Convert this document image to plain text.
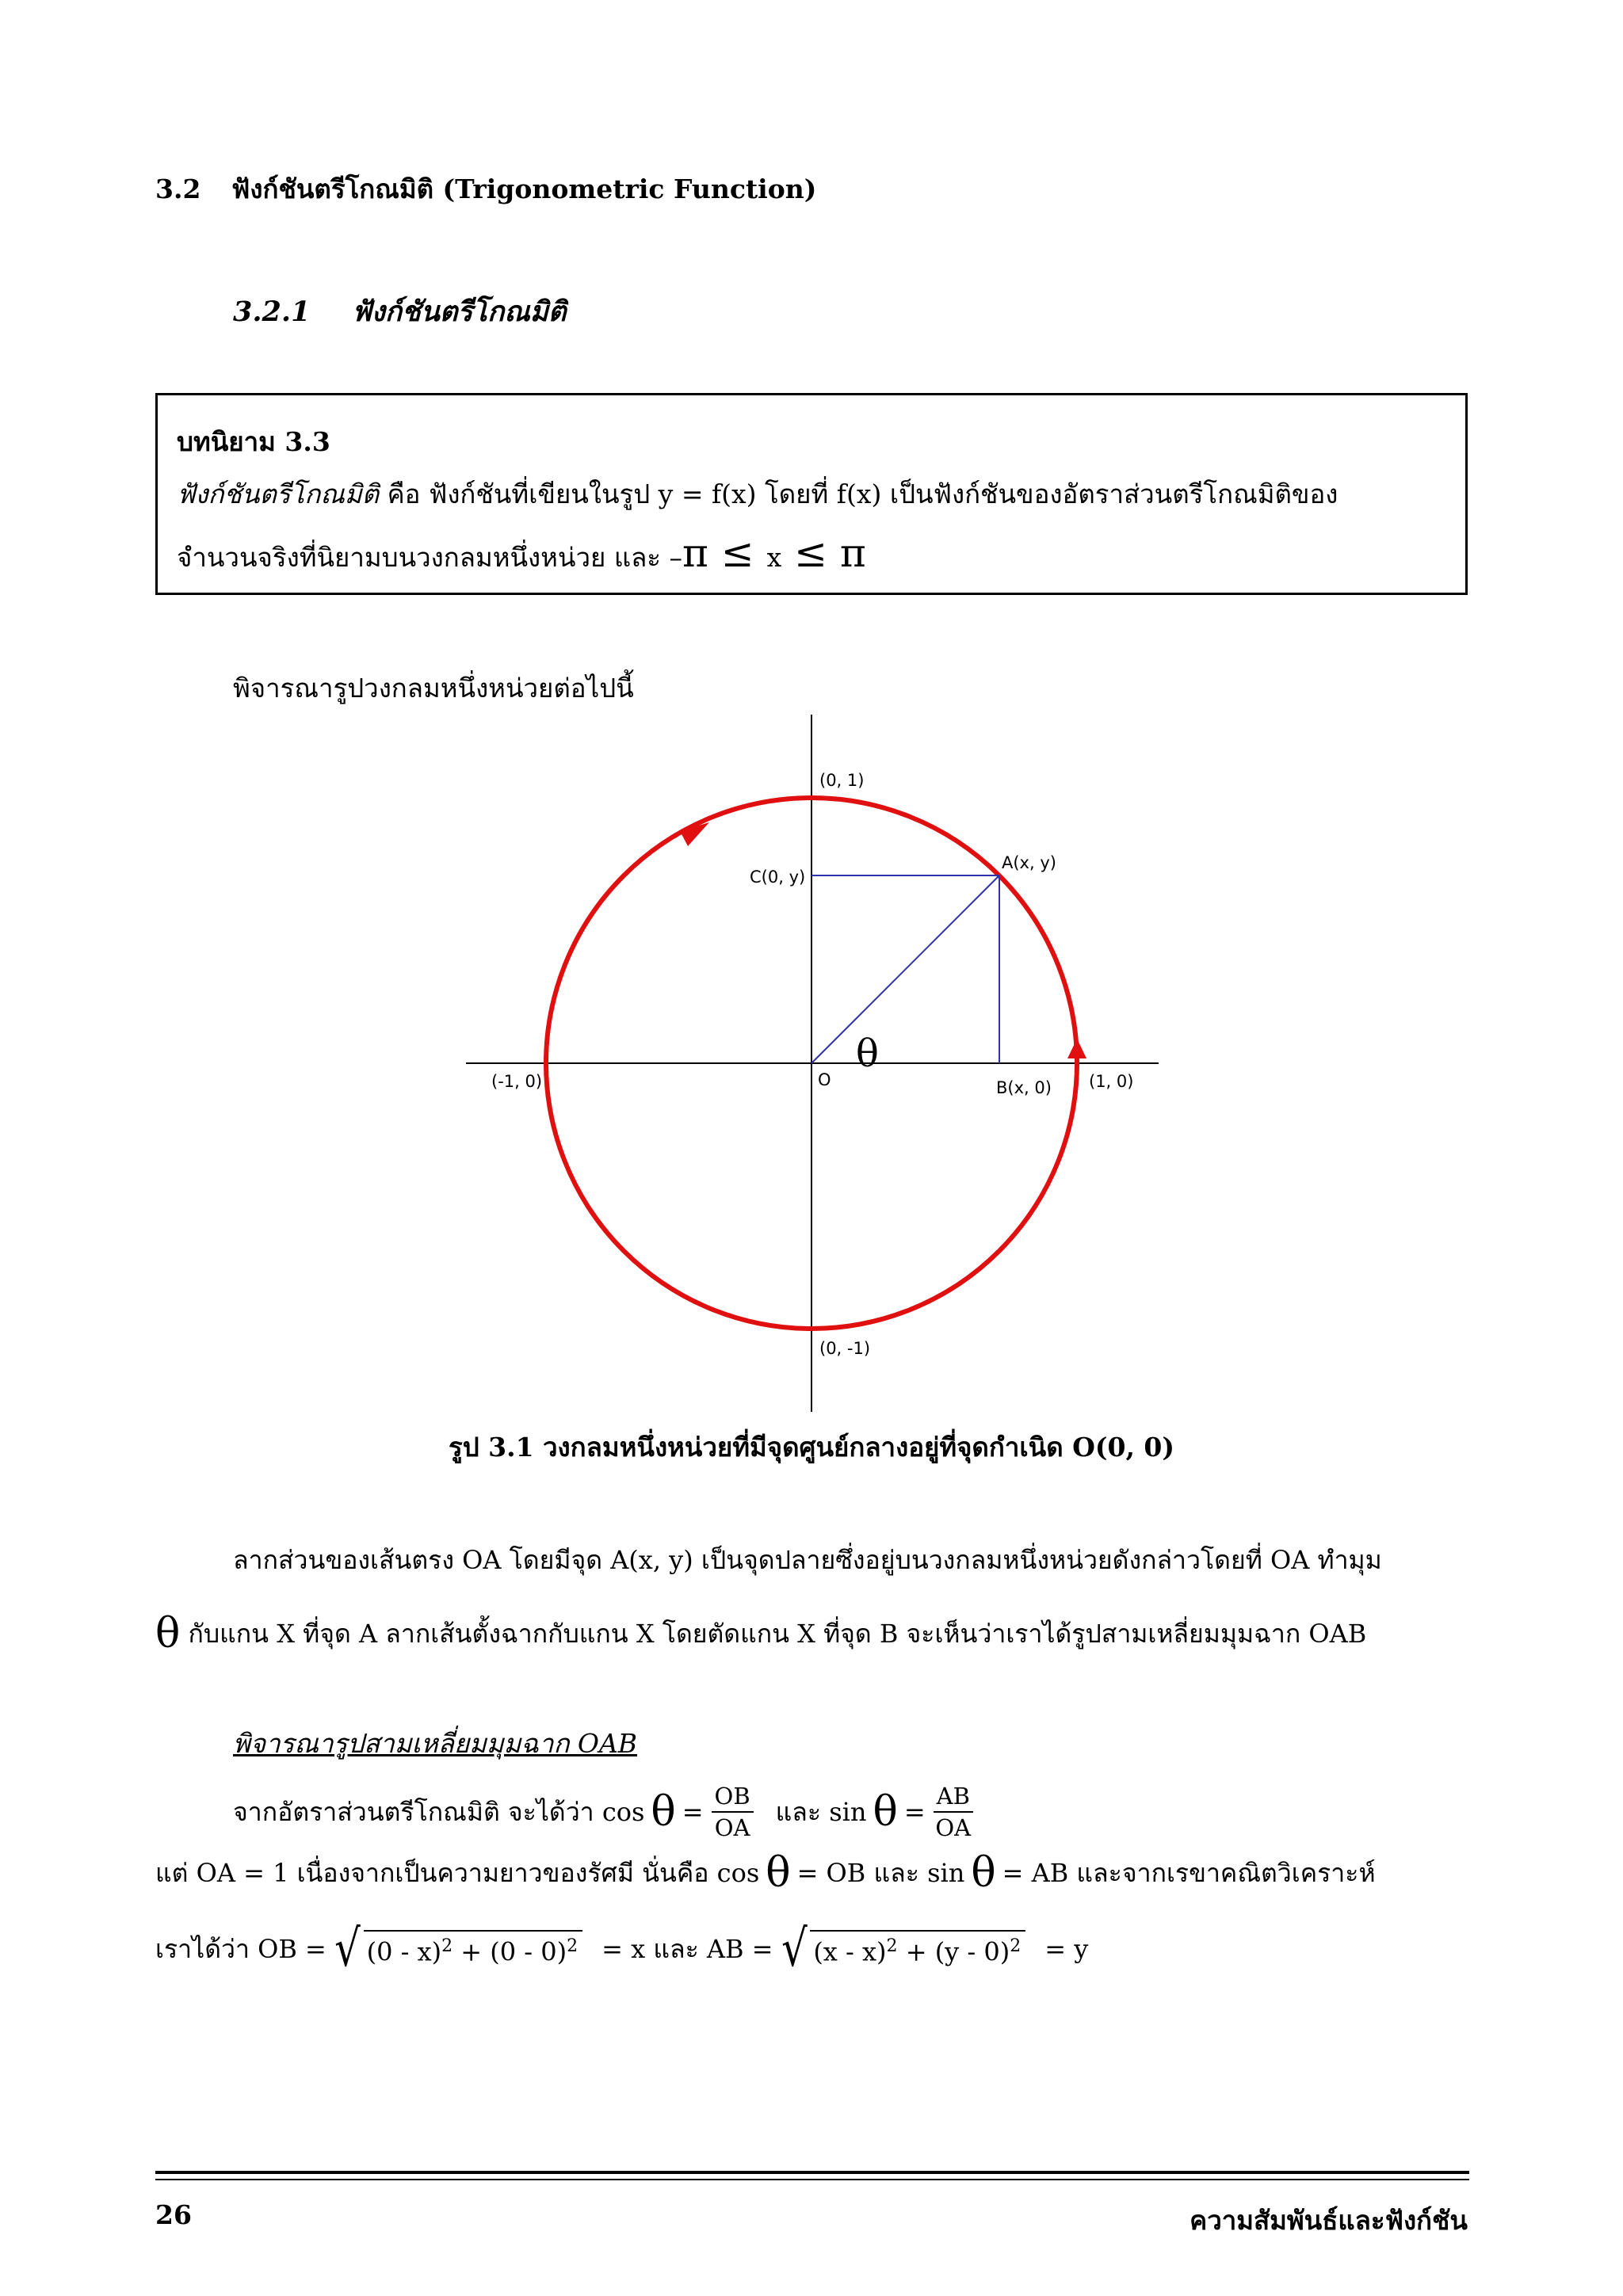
3.2 ฟังก์ชันตรีโกณมิติ (Trigonometric Function)
3.2.1 ฟังก์ชันตรีโกณมิติ
บทนิยาม 3.3
ฟังก์ชันตรีโกณมิติ คือ ฟังก์ชันที่เขียนในรูป y = f(x) โดยที่ f(x) เป็นฟังก์ชันของอัตราส่วนตรีโกณมิติของ
จำนวนจริงที่นิยามบนวงกลมหนึ่งหน่วย และ –π ≤ x ≤ π
พิจารณารูปวงกลมหนึ่งหน่วยต่อไปนี้
(0, 1)
(0, -1)
(-1, 0)	(1, 0)
O
A(x, y)
B(x, 0)
C(0, y)
θ
รูป 3.1 วงกลมหนึ่งหน่วยที่มีจุดศูนย์กลางอยู่ที่จุดกำเนิด O(0, 0)
ลากส่วนของเส้นตรง OA โดยมีจุด A(x, y) เป็นจุดปลายซึ่งอยู่บนวงกลมหนึ่งหน่วยดังกล่าวโดยที่ OA ทำมุม
θ กับแกน X ที่จุด A ลากเส้นตั้งฉากกับแกน X โดยตัดแกน X ที่จุด B จะเห็นว่าเราได้รูปสามเหลี่ยมมุมฉาก OAB
พิจารณารูปสามเหลี่ยมมุมฉาก OAB
จากอัตราส่วนตรีโกณมิติ จะได้ว่า $\cos \theta = \frac{OB}{OA}$ และ $\sin \theta = \frac{AB}{OA}$
แต่ OA = 1 เนื่องจากเป็นความยาวของรัศมี นั่นคือ cos θ = OB และ sin θ = AB และจากเรขาคณิตวิเคราะห์
เราได้ว่า OB = √ (0 - x)$^2$ + (0 - 0)$^2$ = x และ AB = √ (x - x)$^2$ + (y - 0)$^2$ = y
26	ความสัมพันธ์และฟังก์ชัน
